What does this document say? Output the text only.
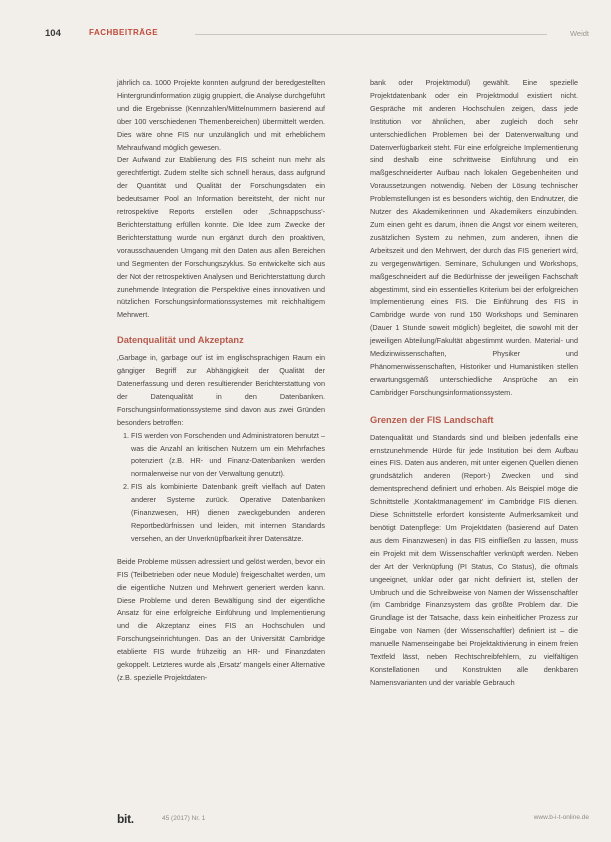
104	FACHBEITRÄGE	Weidt

jährlich ca. 1000 Projekte konnten aufgrund der beredgestellten Hintergrundinformation zügig gruppiert, die Analyse durchgeführt und die Ergebnisse (Kennzahlen/Mittelnummern basierend auf über 100 verschiedenen Themenbereichen) übermittelt werden. Dies wäre ohne FIS nur unzulänglich und mit erheblichem Mehraufwand möglich gewesen.

Der Aufwand zur Etablierung des FIS scheint nun mehr als gerechtfertigt. Zudem stellte sich schnell heraus, dass aufgrund der Quantität und Qualität der Forschungsdaten ein bedeutsamer Pool an Information bereitsteht, der nicht nur retrospektive Reports erstellen oder ‚Schnappschuss'-Berichterstattung erfüllen konnte. Die Idee zum Zwecke der Berichterstattung wurde nun ergänzt durch den proaktiven, vorausschauenden Umgang mit den Daten aus allen Bereichen und Segmenten der Forschungszyklus. So entwickelte sich aus der Not der retrospektiven Analysen und Berichterstattung durch zunehmende Integration die Perspektive eines innovativen und nützlichen Forschungsinformationssystemes mit reichhaltigem Mehrwert.

Datenqualität und Akzeptanz

‚Garbage in, garbage out' ist im englischsprachigen Raum ein gängiger Begriff zur Abhängigkeit der Qualität der Datenerfassung und deren resultierender Berichterstattung von der Datenqualität in den Datenbanken. Forschungsinformationssysteme sind davon aus zwei Gründen besonders betroffen:

1. FIS werden von Forschenden und Administratoren benutzt – was die Anzahl an kritischen Nutzern um ein Mehrfaches potenziert (z.B. HR- und Finanz-Datenbanken werden normalerweise nur von der Verwaltung genutzt).
2. FIS als kombinierte Datenbank greift vielfach auf Daten anderer Systeme zurück. Operative Datenbanken (Finanzwesen, HR) dienen zweckgebunden anderen Reportbedürfnissen und leiden, mit internen Standards versehen, an der Unverknüpfbarkeit ihrer Datensätze.

Beide Probleme müssen adressiert und gelöst werden, bevor ein FIS (Teilbetrieben oder neue Module) freigeschaltet werden, um die eigentliche Nutzen und Mehrwert generiert werden kann. Diese Probleme und deren Bewältigung sind der eigentliche Ansatz für eine erfolgreiche Einführung und Implementierung und die Akzeptanz eines FIS an Hochschulen und Forschungseinrichtungen. Das an der Universität Cambridge etablierte FIS wurde frühzeitig an HR- und Finanzdaten gekoppelt. Letzteres wurde als ‚Ersatz' mangels einer Alternative (z.B. spezielle Projektdaten-

bank oder Projektmodul) gewählt. Eine spezielle Projektdatenbank oder ein Projektmodul existiert nicht. Gespräche mit anderen Hochschulen zeigen, dass jede Institution vor ähnlichen, aber zugleich doch sehr unterschiedlichen Problemen bei der Datenverwaltung und Datenverfügbarkeit steht. Für eine erfolgreiche Implementierung sind deshalb eine schrittweise Einführung und ein maßgeschneiderter Aufbau nach lokalen Gegebenheiten und Voraussetzungen notwendig. Neben der Lösung technischer Problemstellungen ist es besonders wichtig, den Endnutzer, die Nutzer des Akademikerinnen und Akademikers einzubinden. Zum einen geht es darum, ihnen die Angst vor einem weiteren, zusätzlichen System zu nehmen, zum anderen, ihnen die Arbeitszeit und den Mehrwert, der durch das FIS generiert wird, zu vergegenwärtigen. Seminare, Schulungen und Workshops, maßgeschneidert auf die Bedürfnisse der jeweiligen Fachschaft abgestimmt, sind ein essentielles Kriterium bei der erfolgreichen Implementierung eines FIS. Die Einführung des FIS in Cambridge wurde von rund 150 Workshops und Seminaren (Dauer 1 Stunde soweit möglich) begleitet, die sowohl mit der jeweiligen Abteilung/Fakultät abgestimmt wurden. Material- und Medizinwissenschaften, Physiker und Phänomenwissenschaften, Historiker und Humanistiken stellen erwartungsgemäß unterschiedliche Ansprüche an ein Cambridger Forschungsinformationssystem.

Grenzen der FIS Landschaft

Datenqualität und Standards sind und bleiben jedenfalls eine ernstzunehmende Hürde für jede Institution bei dem Aufbau eines FIS. Daten aus anderen, mit unter eigenen Quellen dienen grundsätzlich anderen (Report-) Zwecken und sind dementsprechend definiert und erhoben. Als Beispiel möge die Schnittstelle ‚Kontaktmanagement' im Cambridge FIS dienen. Diese Schnittstelle erfordert konsistente Aufmerksamkeit und benötigt Datenpflege: Um Projektdaten (basierend auf Daten aus dem Finanzwesen) in das FIS einfließen zu lassen, muss ein Projekt mit dem Wissenschaftler verknüpft werden. Neben der Art der Verknüpfung (PI Status, Co Status), die oftmals ungeeignet, unklar oder gar nicht definiert ist, stellen der Umbruch und die Schreibweise von Namen der Wissenschaftler (im Cambridge Finanzsystem das größte Problem dar. Die Grundlage ist der Tatsache, dass kein einheitlicher Prozess zur Eingabe von Namen (der Wissenschaftler) definiert ist – die manuelle Namenseingabe bei Projektaktivierung in einem freien Textfeld lässt, neben Rechtschreibfehlern, zu vielfältigen Konstellationen und Konstrukten alle denkbaren Namensvarianten und der variable Gebrauch

bit.	45 (2017) Nr. 1	www.b-i-t-online.de
